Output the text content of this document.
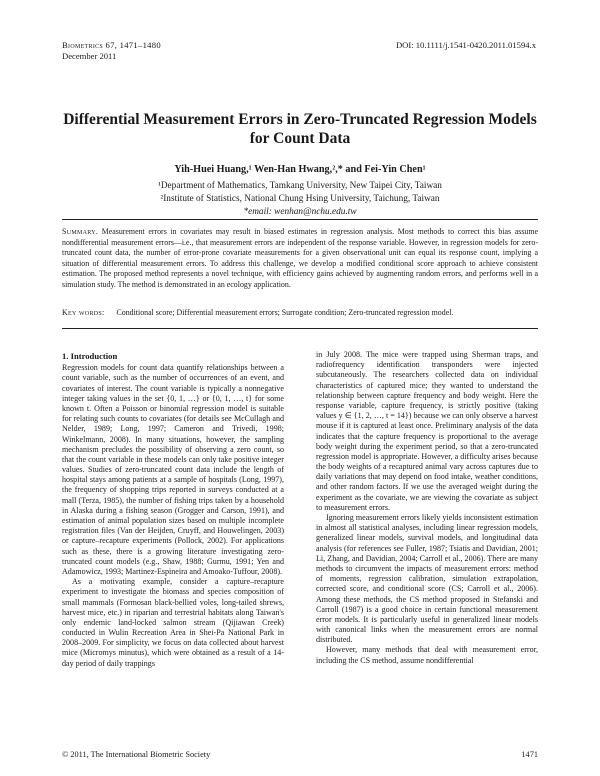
Biometrics 67, 1471–1480
December 2011
DOI: 10.1111/j.1541-0420.2011.01594.x
Differential Measurement Errors in Zero-Truncated Regression Models for Count Data
Yih-Huei Huang,¹ Wen-Han Hwang,²,* and Fei-Yin Chen¹
¹Department of Mathematics, Tamkang University, New Taipei City, Taiwan
²Institute of Statistics, National Chung Hsing University, Taichung, Taiwan
*email: wenhan@nchu.edu.tw
Summary. Measurement errors in covariates may result in biased estimates in regression analysis. Most methods to correct this bias assume nondifferential measurement errors—i.e., that measurement errors are independent of the response variable. However, in regression models for zero-truncated count data, the number of error-prone covariate measurements for a given observational unit can equal its response count, implying a situation of differential measurement errors. To address this challenge, we develop a modified conditional score approach to achieve consistent estimation. The proposed method represents a novel technique, with efficiency gains achieved by augmenting random errors, and performs well in a simulation study. The method is demonstrated in an ecology application.
Key words: Conditional score; Differential measurement errors; Surrogate condition; Zero-truncated regression model.
1. Introduction

Regression models for count data quantify relationships between a count variable, such as the number of occurrences of an event, and covariates of interest. The count variable is typically a nonnegative integer taking values in the set {0, 1, …} or {0, 1, …, t} for some known t. Often a Poisson or binomial regression model is suitable for relating such counts to covariates (for details see McCullagh and Nelder, 1989; Long, 1997; Cameron and Trivedi, 1998; Winkelmann, 2008). In many situations, however, the sampling mechanism precludes the possibility of observing a zero count, so that the count variable in these models can only take positive integer values. Studies of zero-truncated count data include the length of hospital stays among patients at a sample of hospitals (Long, 1997), the frequency of shopping trips reported in surveys conducted at a mall (Terza, 1985), the number of fishing trips taken by a household in Alaska during a fishing season (Grogger and Carson, 1991), and estimation of animal population sizes based on multiple incomplete registration files (Van der Heijden, Cruyff, and Houwelingen, 2003) or capture–recapture experiments (Pollock, 2002). For applications such as these, there is a growing literature investigating zero-truncated count models (e.g., Shaw, 1988; Gurmu, 1991; Yen and Adamowicz, 1993; Martinez-Espineira and Amoako-Tuffour, 2008).

As a motivating example, consider a capture–recapture experiment to investigate the biomass and species composition of small mammals (Formosan black-bellied voles, long-tailed shrews, harvest mice, etc.) in riparian and terrestrial habitats along Taiwan's only endemic land-locked salmon stream (Qijiawan Creek) conducted in Wulin Recreation Area in Shei-Pa National Park in 2008–2009. For simplicity, we focus on data collected about harvest mice (Micromys minutus), which were obtained as a result of a 14-day period of daily trappings

in July 2008. The mice were trapped using Sherman traps, and radiofrequency identification transponders were injected subcutaneously. The researchers collected data on individual characteristics of captured mice; they wanted to understand the relationship between capture frequency and body weight. Here the response variable, capture frequency, is strictly positive (taking values y ∈ {1, 2, …, t = 14}) because we can only observe a harvest mouse if it is captured at least once. Preliminary analysis of the data indicates that the capture frequency is proportional to the average body weight during the experiment period, so that a zero-truncated regression model is appropriate. However, a difficulty arises because the body weights of a recaptured animal vary across captures due to daily variations that may depend on food intake, weather conditions, and other random factors. If we use the averaged weight during the experiment as the covariate, we are viewing the covariate as subject to measurement errors.

Ignoring measurement errors likely yields inconsistent estimation in almost all statistical analyses, including linear regression models, generalized linear models, survival models, and longitudinal data analysis (for references see Fuller, 1987; Tsiatis and Davidian, 2001; Li, Zhang, and Davidian, 2004; Carroll et al., 2006). There are many methods to circumvent the impacts of measurement errors: method of moments, regression calibration, simulation extrapolation, corrected score, and conditional score (CS; Carroll et al., 2006). Among these methods, the CS method proposed in Stefanski and Carroll (1987) is a good choice in certain functional measurement error models. It is particularly useful in generalized linear models with canonical links when the measurement errors are normal distributed.

However, many methods that deal with measurement error, including the CS method, assume nondifferential

© 2011, The International Biometric Society	1471
